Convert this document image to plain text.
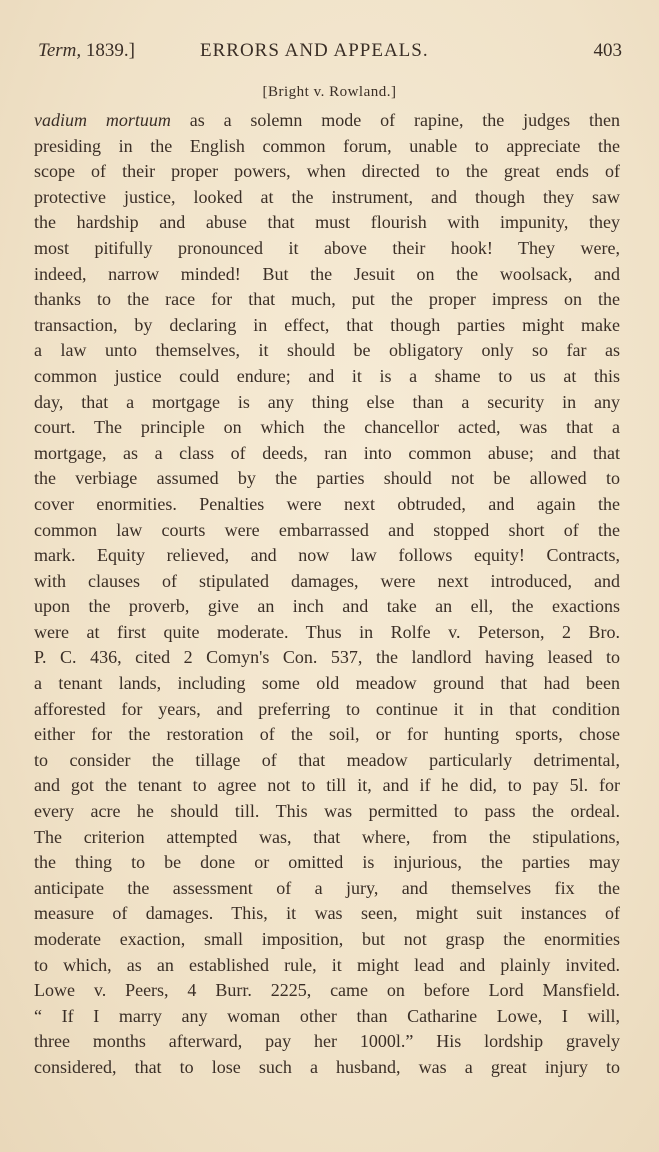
Term, 1839.]	ERRORS AND APPEALS.	403
[Bright v. Rowland.]
vadium mortuum as a solemn mode of rapine, the judges then
presiding in the English common forum, unable to appreciate the
scope of their proper powers, when directed to the great ends of
protective justice, looked at the instrument, and though they saw
the hardship and abuse that must flourish with impunity, they
most pitifully pronounced it above their hook! They were,
indeed, narrow minded! But the Jesuit on the woolsack, and
thanks to the race for that much, put the proper impress on the
transaction, by declaring in effect, that though parties might make
a law unto themselves, it should be obligatory only so far as
common justice could endure; and it is a shame to us at this
day, that a mortgage is any thing else than a security in any
court. The principle on which the chancellor acted, was that a
mortgage, as a class of deeds, ran into common abuse; and that
the verbiage assumed by the parties should not be allowed to
cover enormities. Penalties were next obtruded, and again the
common law courts were embarrassed and stopped short of the
mark. Equity relieved, and now law follows equity! Contracts,
with clauses of stipulated damages, were next introduced, and
upon the proverb, give an inch and take an ell, the exactions
were at first quite moderate. Thus in Rolfe v. Peterson, 2 Bro.
P. C. 436, cited 2 Comyn's Con. 537, the landlord having leased to
a tenant lands, including some old meadow ground that had been
afforested for years, and preferring to continue it in that condition
either for the restoration of the soil, or for hunting sports, chose
to consider the tillage of that meadow particularly detrimental,
and got the tenant to agree not to till it, and if he did, to pay 5l. for
every acre he should till. This was permitted to pass the ordeal.
The criterion attempted was, that where, from the stipulations,
the thing to be done or omitted is injurious, the parties may
anticipate the assessment of a jury, and themselves fix the
measure of damages. This, it was seen, might suit instances of
moderate exaction, small imposition, but not grasp the enormities
to which, as an established rule, it might lead and plainly invited.
Lowe v. Peers, 4 Burr. 2225, came on before Lord Mansfield.
“ If I marry any woman other than Catharine Lowe, I will,
three months afterward, pay her 1000l.” His lordship gravely
considered, that to lose such a husband, was a great injury to
